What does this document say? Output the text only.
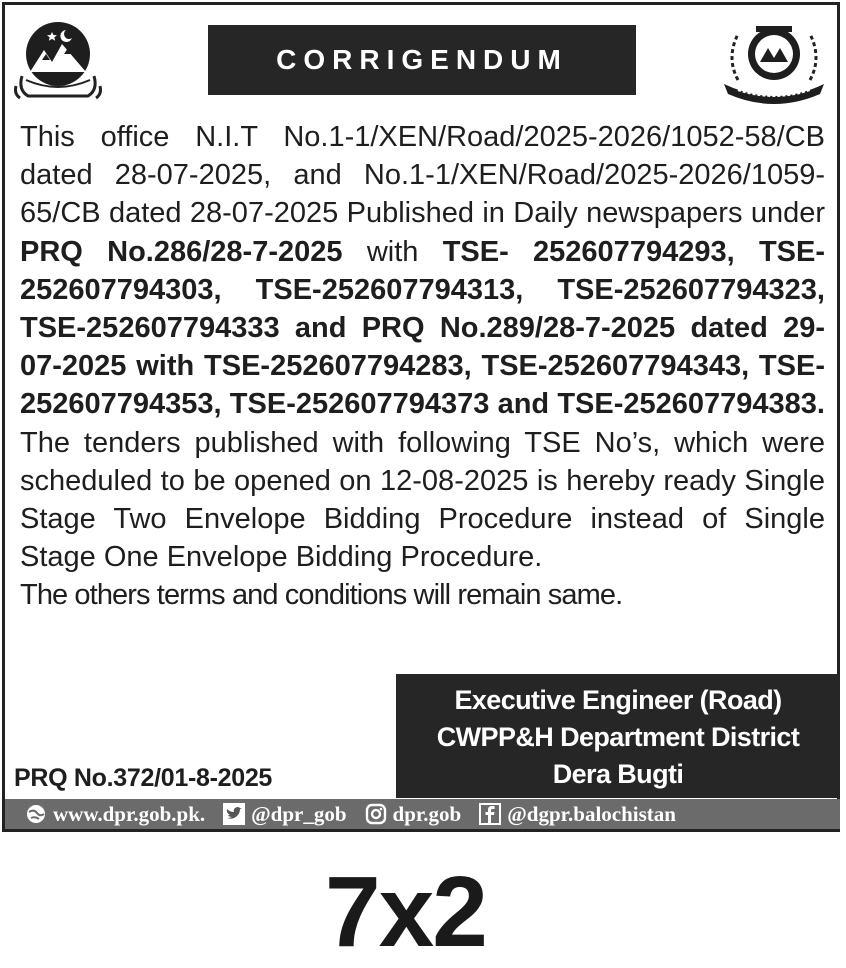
CORRIGENDUM
This office N.I.T No.1-1/XEN/Road/2025-2026/1052-58/CB dated 28-07-2025, and No.1-1/XEN/Road/2025-2026/1059-65/CB dated 28-07-2025 Published in Daily newspapers under PRQ No.286/28-7-2025 with TSE- 252607794293, TSE-252607794303, TSE-252607794313, TSE-252607794323, TSE-252607794333 and PRQ No.289/28-7-2025 dated 29-07-2025 with TSE-252607794283, TSE-252607794343, TSE-252607794353, TSE-252607794373 and TSE-252607794383. The tenders published with following TSE No’s, which were scheduled to be opened on 12-08-2025 is hereby ready Single Stage Two Envelope Bidding Procedure instead of Single Stage One Envelope Bidding Procedure.
The others terms and conditions will remain same.
Executive Engineer (Road)
CWPP&H Department District
Dera Bugti
PRQ No.372/01-8-2025
www.dpr.gob.pk. @dpr_gob dpr.gob @dgpr.balochistan
7x2
